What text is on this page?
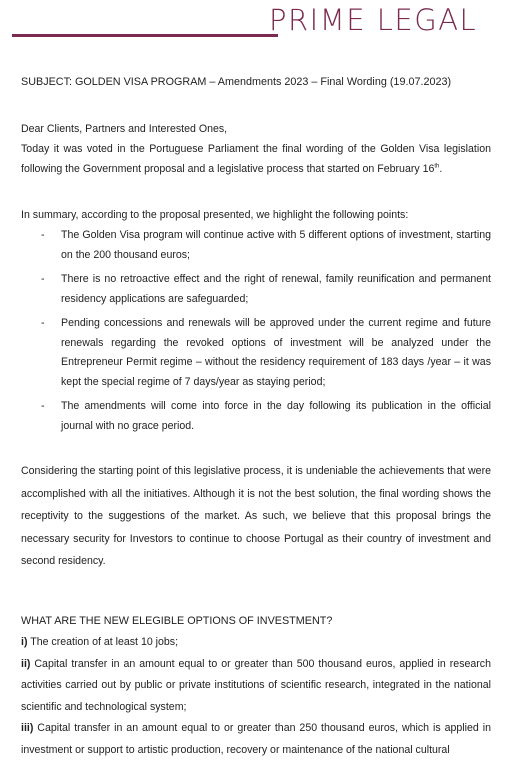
PRIME LEGAL
SUBJECT: GOLDEN VISA PROGRAM – Amendments 2023 – Final Wording (19.07.2023)
Dear Clients, Partners and Interested Ones,
Today it was voted in the Portuguese Parliament the final wording of the Golden Visa legislation following the Government proposal and a legislative process that started on February 16th.
In summary, according to the proposal presented, we highlight the following points:
- The Golden Visa program will continue active with 5 different options of investment, starting on the 200 thousand euros;
- There is no retroactive effect and the right of renewal, family reunification and permanent residency applications are safeguarded;
- Pending concessions and renewals will be approved under the current regime and future renewals regarding the revoked options of investment will be analyzed under the Entrepreneur Permit regime – without the residency requirement of 183 days /year – it was kept the special regime of 7 days/year as staying period;
- The amendments will come into force in the day following its publication in the official journal with no grace period.
Considering the starting point of this legislative process, it is undeniable the achievements that were accomplished with all the initiatives. Although it is not the best solution, the final wording shows the receptivity to the suggestions of the market. As such, we believe that this proposal brings the necessary security for Investors to continue to choose Portugal as their country of investment and second residency.
WHAT ARE THE NEW ELEGIBLE OPTIONS OF INVESTMENT?

i) The creation of at least 10 jobs;

ii) Capital transfer in an amount equal to or greater than 500 thousand euros, applied in research activities carried out by public or private institutions of scientific research, integrated in the national scientific and technological system;

iii) Capital transfer in an amount equal to or greater than 250 thousand euros, which is applied in investment or support to artistic production, recovery or maintenance of the national cultural
